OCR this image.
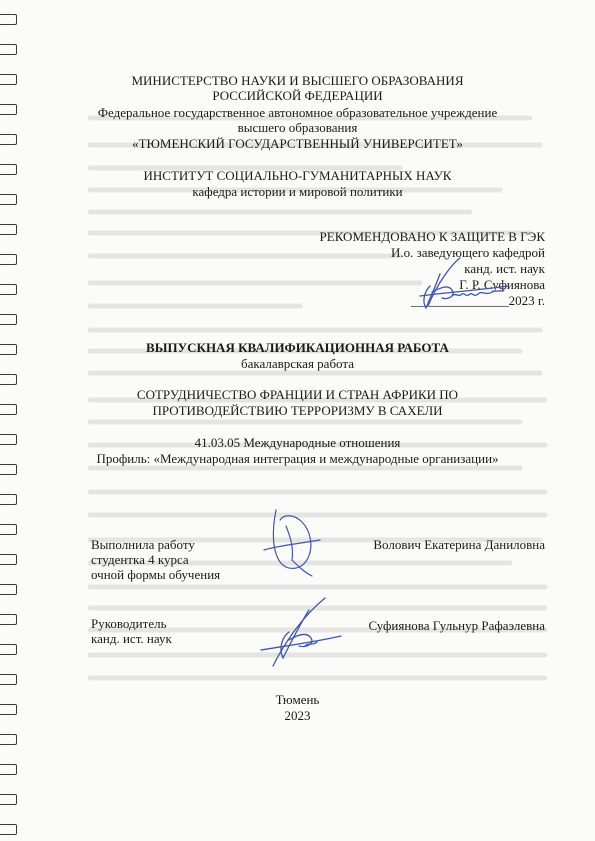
МИНИСТЕРСТВО НАУКИ И ВЫСШЕГО ОБРАЗОВАНИЯ
РОССИЙСКОЙ ФЕДЕРАЦИИ
Федеральное государственное автономное образовательное учреждение
высшего образования
«ТЮМЕНСКИЙ ГОСУДАРСТВЕННЫЙ УНИВЕРСИТЕТ»
ИНСТИТУТ СОЦИАЛЬНО-ГУМАНИТАРНЫХ НАУК
кафедра истории и мировой политики
РЕКОМЕНДОВАНО К ЗАЩИТЕ В ГЭК
И.о. заведующего кафедрой
канд. ист. наук
Г. Р. Суфиянова
_______________2023 г.
ВЫПУСКНАЯ КВАЛИФИКАЦИОННАЯ РАБОТА
бакалаврская работа
СОТРУДНИЧЕСТВО ФРАНЦИИ И СТРАН АФРИКИ ПО
ПРОТИВОДЕЙСТВИЮ ТЕРРОРИЗМУ В САХЕЛИ
41.03.05 Международные отношения
Профиль: «Международная интеграция и международные организации»
Выполнила работу
студентка 4 курса
очной формы обучения
Волович Екатерина Даниловна
Руководитель
канд. ист. наук
Суфиянова Гульнур Рафаэлевна
Тюмень
2023
